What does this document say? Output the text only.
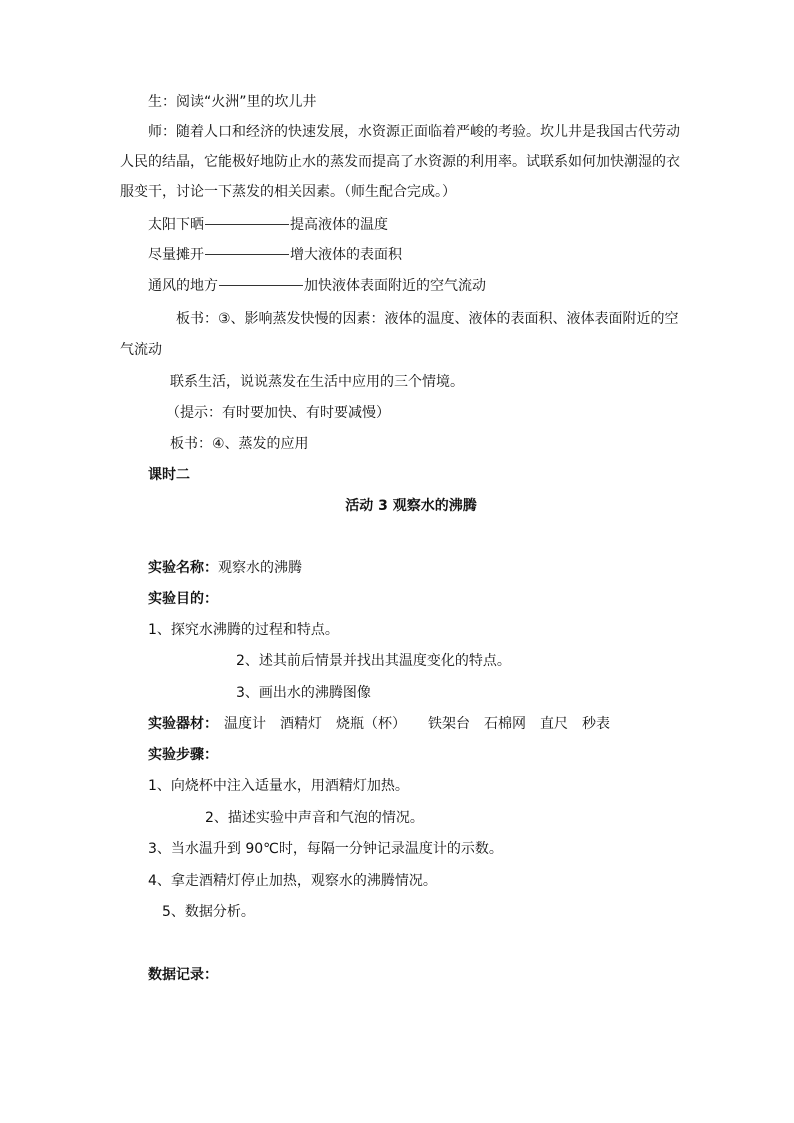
生：阅读“火洲”里的坎儿井
师：随着人口和经济的快速发展，水资源正面临着严峻的考验。坎儿井是我国古代劳动
人民的结晶，它能极好地防止水的蒸发而提高了水资源的利用率。试联系如何加快潮湿的衣
服变干，讨论一下蒸发的相关因素。（师生配合完成。）
太阳下晒	提高液体的温度
尽量摊开	增大液体的表面积
通风的地方	加快液体表面附近的空气流动
板书：③、影响蒸发快慢的因素：液体的温度、液体的表面积、液体表面附近的空
气流动
联系生活，说说蒸发在生活中应用的三个情境。
（提示：有时要加快、有时要减慢）
板书：④、蒸发的应用
课时二
活动 3 观察水的沸腾
实验名称：观察水的沸腾
实验目的：
1、探究水沸腾的过程和特点。
2、述其前后情景并找出其温度变化的特点。
3、画出水的沸腾图像
实验器材： 温度计 酒精灯 烧瓶（杯） 铁架台 石棉网 直尺 秒表
实验步骤：
1、向烧杯中注入适量水，用酒精灯加热。
2、描述实验中声音和气泡的情况。
3、当水温升到 90℃时，每隔一分钟记录温度计的示数。
4、拿走酒精灯停止加热，观察水的沸腾情况。
5、数据分析。
数据记录：
